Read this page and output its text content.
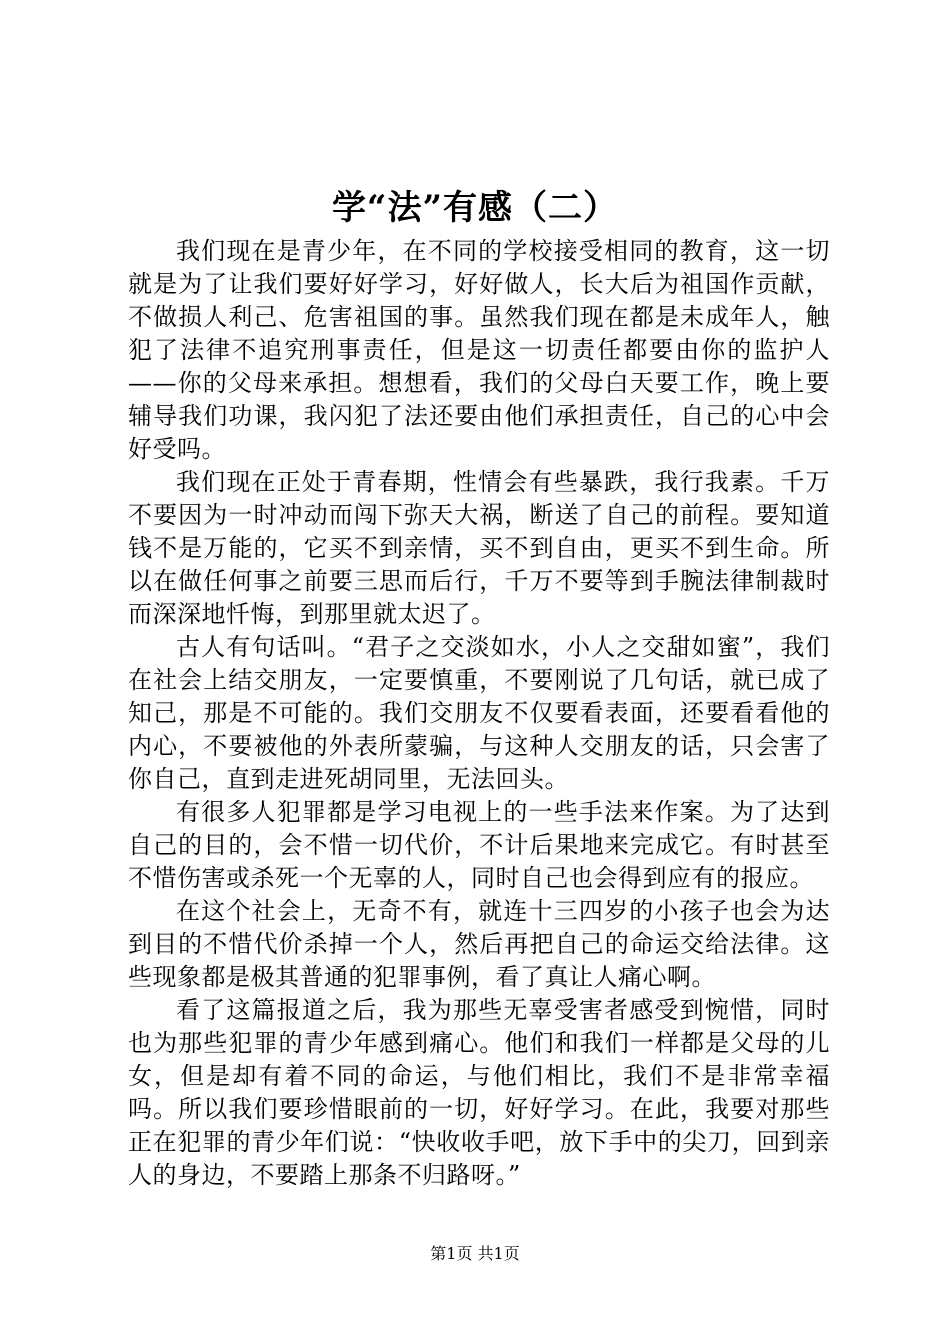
学“法”有感（二）

我们现在是青少年，在不同的学校接受相同的教育，这一切就是为了让我们要好好学习，好好做人，长大后为祖国作贡献，不做损人利己、危害祖国的事。虽然我们现在都是未成年人，触犯了法律不追究刑事责任，但是这一切责任都要由你的监护人——你的父母来承担。想想看，我们的父母白天要工作，晚上要辅导我们功课，我闪犯了法还要由他们承担责任，自己的心中会好受吗。

我们现在正处于青春期，性情会有些暴跌，我行我素。千万不要因为一时冲动而闯下弥天大祸，断送了自己的前程。要知道钱不是万能的，它买不到亲情，买不到自由，更买不到生命。所以在做任何事之前要三思而后行，千万不要等到手腕法律制裁时而深深地忏悔，到那里就太迟了。

古人有句话叫。“君子之交淡如水，小人之交甜如蜜”，我们在社会上结交朋友，一定要慎重，不要刚说了几句话，就已成了知己，那是不可能的。我们交朋友不仅要看表面，还要看看他的内心，不要被他的外表所蒙骗，与这种人交朋友的话，只会害了你自己，直到走进死胡同里，无法回头。

有很多人犯罪都是学习电视上的一些手法来作案。为了达到自己的目的，会不惜一切代价，不计后果地来完成它。有时甚至不惜伤害或杀死一个无辜的人，同时自己也会得到应有的报应。

在这个社会上，无奇不有，就连十三四岁的小孩子也会为达到目的不惜代价杀掉一个人，然后再把自己的命运交给法律。这些现象都是极其普通的犯罪事例，看了真让人痛心啊。

看了这篇报道之后，我为那些无辜受害者感受到惋惜，同时也为那些犯罪的青少年感到痛心。他们和我们一样都是父母的儿女，但是却有着不同的命运，与他们相比，我们不是非常幸福吗。所以我们要珍惜眼前的一切，好好学习。在此，我要对那些正在犯罪的青少年们说：“快收收手吧，放下手中的尖刀，回到亲人的身边，不要踏上那条不归路呀。”

第1页 共1页
